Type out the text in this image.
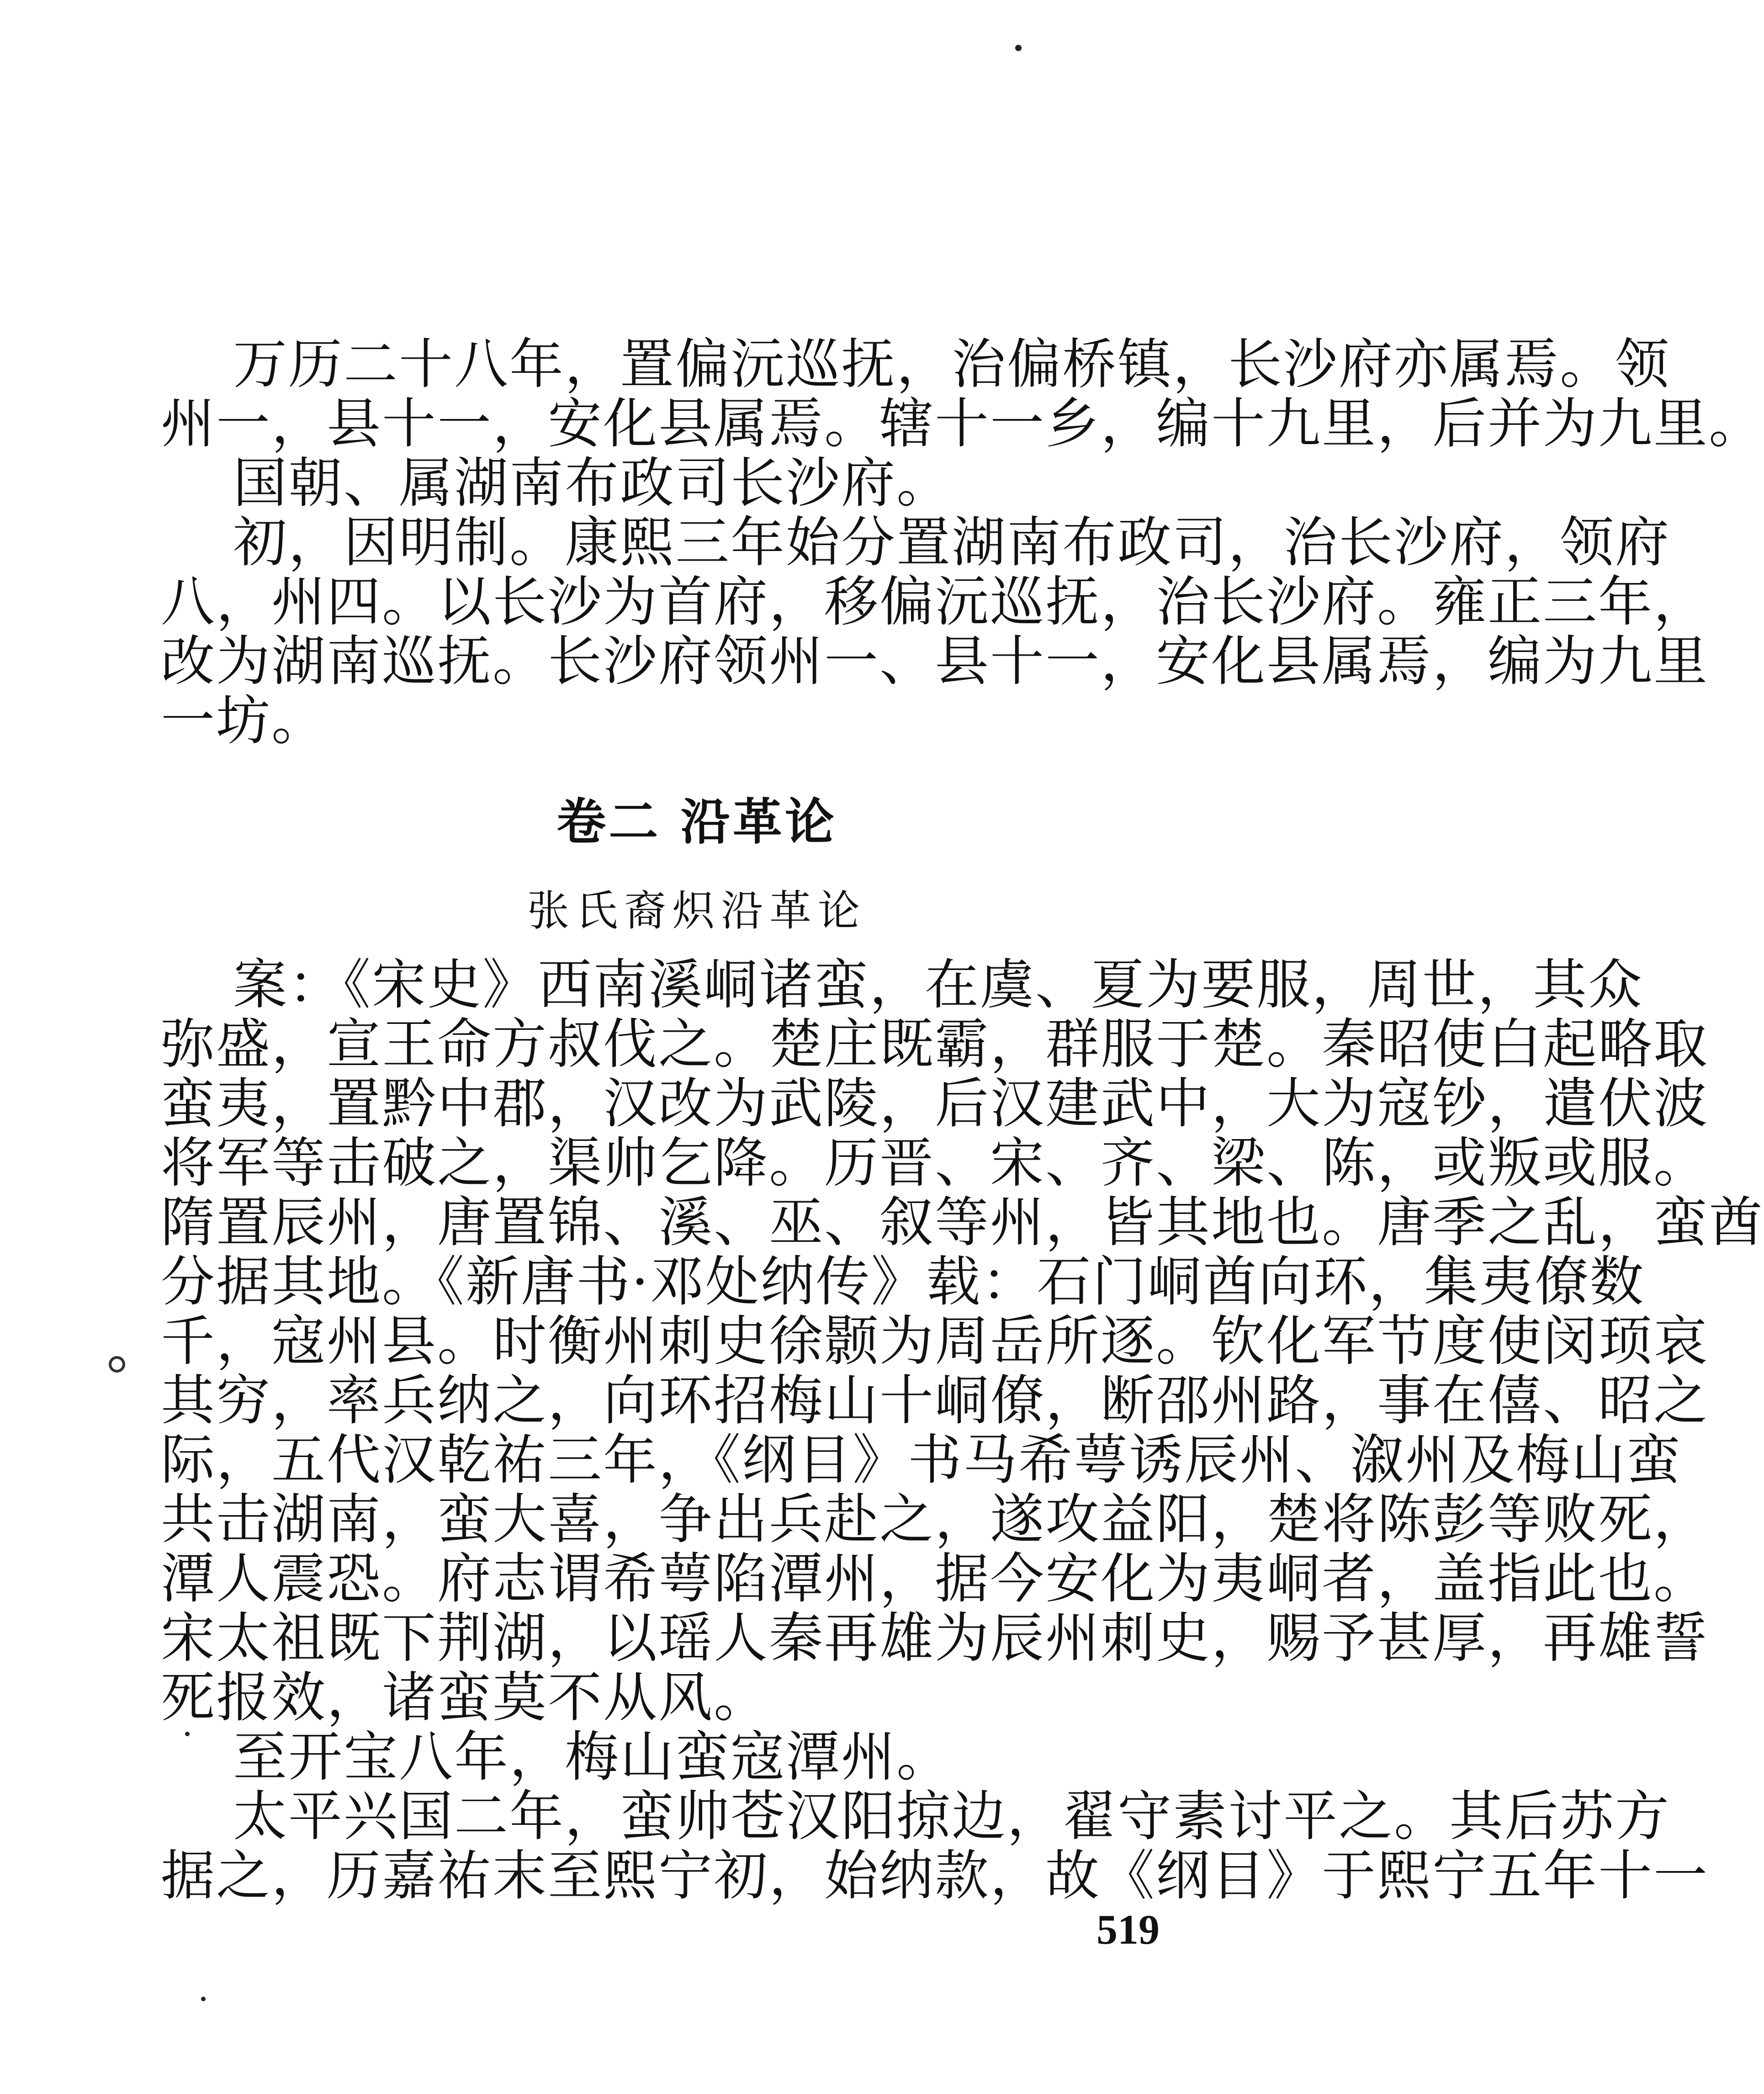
万历二十八年，置偏沅巡抚，治偏桥镇，长沙府亦属焉。领
州一，县十一，安化县属焉。辖十一乡，编十九里，后并为九里。
国朝、属湖南布政司长沙府。
初，因明制。康熙三年始分置湖南布政司，治长沙府，领府
八，州四。以长沙为首府，移偏沅巡抚，治长沙府。雍正三年，
改为湖南巡抚。长沙府领州一、县十一，安化县属焉，编为九里
一坊。
卷二 沿革论
张氏裔炽沿革论
案：《宋史》西南溪峒诸蛮，在虞、夏为要服，周世，其众
弥盛，宣王命方叔伐之。楚庄既霸，群服于楚。秦昭使白起略取
蛮夷，置黔中郡，汉改为武陵，后汉建武中，大为寇钞，遣伏波
将军等击破之，渠帅乞降。历晋、宋、齐、梁、陈，或叛或服。
隋置辰州，唐置锦、溪、巫、叙等州，皆其地也。唐季之乱，蛮酋
分据其地。《新唐书·邓处纳传》载：石门峒酋向环，集夷僚数
千，寇州县。时衡州刺史徐颢为周岳所逐。钦化军节度使闵顼哀
其穷，率兵纳之，向环招梅山十峒僚，断邵州路，事在僖、昭之
际，五代汉乾祐三年，《纲目》书马希萼诱辰州、溆州及梅山蛮
共击湖南，蛮大喜，争出兵赴之，遂攻益阳，楚将陈彭等败死，
潭人震恐。府志谓希萼陷潭州，据今安化为夷峒者，盖指此也。
宋太祖既下荆湖，以瑶人秦再雄为辰州刺史，赐予甚厚，再雄誓
死报效，诸蛮莫不从风。
至开宝八年，梅山蛮寇潭州。
太平兴国二年，蛮帅苍汉阳掠边，翟守素讨平之。其后苏方
据之，历嘉祐末至熙宁初，始纳款，故《纲目》于熙宁五年十一
519
